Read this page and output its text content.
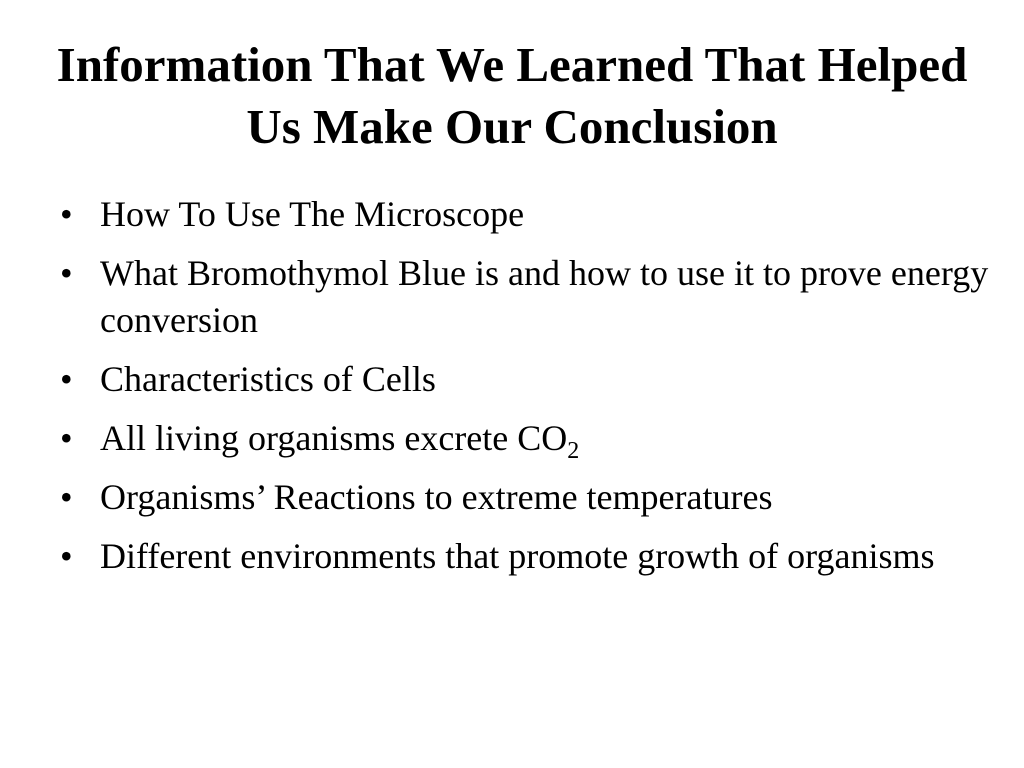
Information That We Learned That Helped Us Make Our Conclusion
• How To Use The Microscope
• What Bromothymol Blue is and how to use it to prove energy conversion
• Characteristics of Cells
• All living organisms excrete $CO_2$
• Organisms’ Reactions to extreme temperatures
• Different environments that promote growth of organisms
